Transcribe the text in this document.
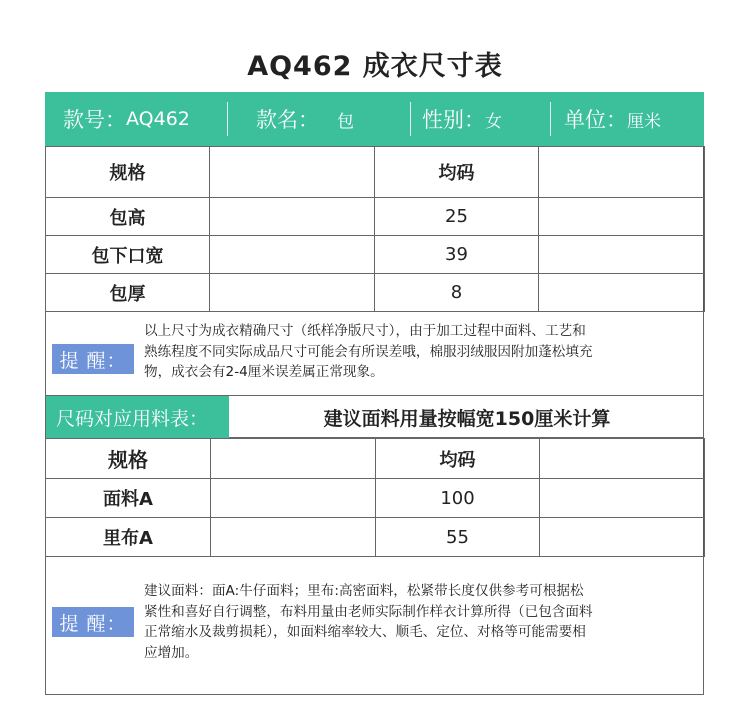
AQ462 成衣尺寸表
款号： AQ462	款名： 包	性别： 女	单位： 厘米
规格		均码	
包高		25	
包下口宽		39	
包厚		8	
提 醒：
以上尺寸为成衣精确尺寸（纸样净版尺寸），由于加工过程中面料、工艺和
熟练程度不同实际成品尺寸可能会有所误差哦，棉服羽绒服因附加蓬松填充
物，成衣会有2-4厘米误差属正常现象。
尺码对应用料表：	建议面料用量按幅宽150厘米计算
规格		均码	
面料A		100	
里布A		55	
提 醒：
建议面料：面A:牛仔面料；里布:高密面料，松紧带长度仅供参考可根据松
紧性和喜好自行调整，布料用量由老师实际制作样衣计算所得（已包含面料
正常缩水及裁剪损耗），如面料缩率较大、顺毛、定位、对格等可能需要相
应增加。
